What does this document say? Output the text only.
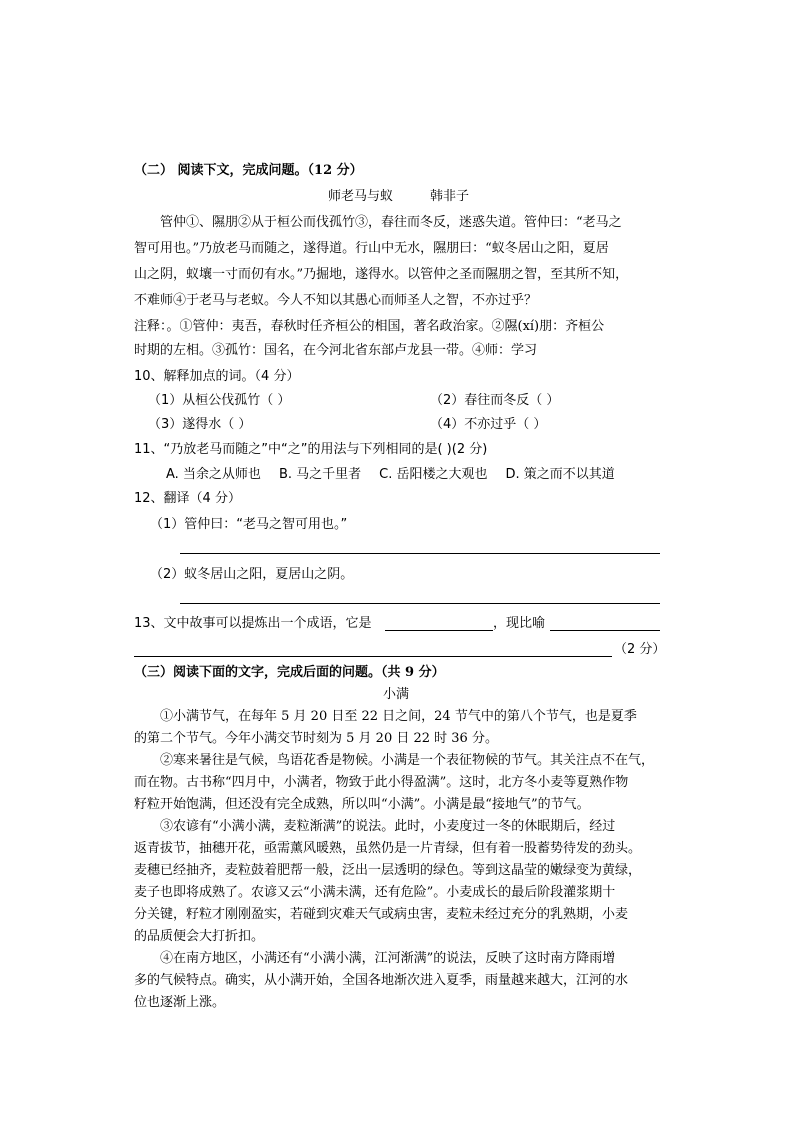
（二） 阅读下文，完成问题。（12 分）
师老马与蚁	韩非子
管仲①、隰朋②从于桓公而伐孤竹③，春往而冬反，迷惑失道。管仲曰：“老马之
智可用也。”乃放老马而随之，遂得道。行山中无水，隰朋曰：“蚁冬居山之阳，夏居
山之阴，蚁壤一寸而仞有水。”乃掘地，遂得水。以管仲之圣而隰朋之智，至其所不知，
不难师④于老马与老蚁。今人不知以其愚心而师圣人之智，不亦过乎？
注释：。①管仲：夷吾，春秋时任齐桓公的相国，著名政治家。②隰(xí)朋：齐桓公
时期的左相。③孤竹：国名，在今河北省东部卢龙县一带。④师：学习
10、解释加点的词。（4 分）
（1）从桓公伐孤竹（ ）	（2）春往而冬反（ ）
（3）遂得水（ ）	（4）不亦过乎（ ）
11、“乃放老马而随之”中“之”的用法与下列相同的是( )(2 分)
A. 当余之从师也 B. 马之千里者 C. 岳阳楼之大观也 D. 策之而不以其道
12、翻译（4 分）
（1）管仲曰：“老马之智可用也。”
（2）蚁冬居山之阳，夏居山之阴。
13、文中故事可以提炼出一个成语，它是	，现比喻
（2 分）
（三）阅读下面的文字，完成后面的问题。（共 9 分）
小满
①小满节气，在每年 5 月 20 日至 22 日之间，24 节气中的第八个节气，也是夏季
的第二个节气。今年小满交节时刻为 5 月 20 日 22 时 36 分。
②寒来暑往是气候，鸟语花香是物候。小满是一个表征物候的节气。其关注点不在气，
而在物。古书称“四月中，小满者，物致于此小得盈满”。这时，北方冬小麦等夏熟作物
籽粒开始饱满，但还没有完全成熟，所以叫“小满”。小满是最“接地气”的节气。
③农谚有“小满小满，麦粒渐满”的说法。此时，小麦度过一冬的休眠期后，经过
返青拔节，抽穗开花，亟需薰风暖熟，虽然仍是一片青绿，但有着一股蓄势待发的劲头。
麦穗已经抽齐，麦粒鼓着肥帮一般，泛出一层透明的绿色。等到这晶莹的嫩绿变为黄绿，
麦子也即将成熟了。农谚又云“小满未满，还有危险”。小麦成长的最后阶段灌浆期十
分关键，籽粒才刚刚盈实，若碰到灾难天气或病虫害，麦粒未经过充分的乳熟期，小麦
的品质便会大打折扣。
④在南方地区，小满还有“小满小满，江河渐满”的说法，反映了这时南方降雨增
多的气候特点。确实，从小满开始，全国各地渐次进入夏季，雨量越来越大，江河的水
位也逐渐上涨。
